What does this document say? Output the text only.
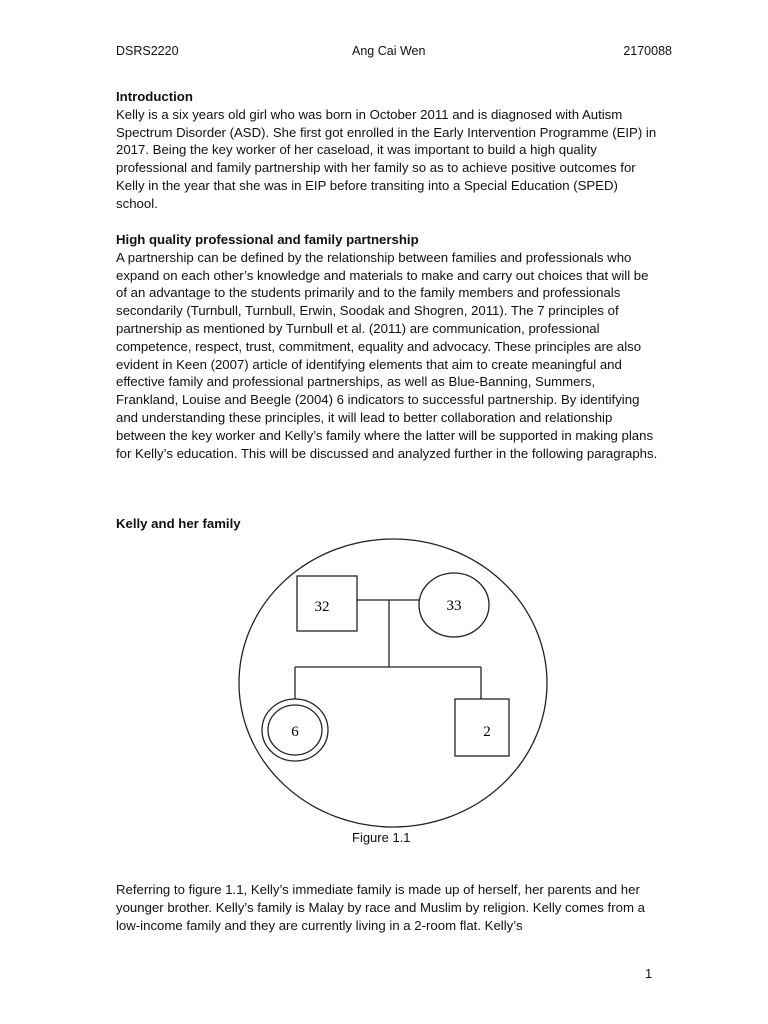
DSRS2220	Ang Cai Wen	2170088

Introduction

Kelly is a six years old girl who was born in October 2011 and is diagnosed with Autism Spectrum Disorder (ASD). She first got enrolled in the Early Intervention Programme (EIP) in 2017. Being the key worker of her caseload, it was important to build a high quality professional and family partnership with her family so as to achieve positive outcomes for Kelly in the year that she was in EIP before transiting into a Special Education (SPED) school.

High quality professional and family partnership

A partnership can be defined by the relationship between families and professionals who expand on each other’s knowledge and materials to make and carry out choices that will be of an advantage to the students primarily and to the family members and professionals secondarily (Turnbull, Turnbull, Erwin, Soodak and Shogren, 2011). The 7 principles of partnership as mentioned by Turnbull et al. (2011) are communication, professional competence, respect, trust, commitment, equality and advocacy. These principles are also evident in Keen (2007) article of identifying elements that aim to create meaningful and effective family and professional partnerships, as well as Blue-Banning, Summers, Frankland, Louise and Beegle (2004) 6 indicators to successful partnership. By identifying and understanding these principles, it will lead to better collaboration and relationship between the key worker and Kelly’s family where the latter will be supported in making plans for Kelly’s education. This will be discussed and analyzed further in the following paragraphs.

Kelly and her family

32	33
6	2
Figure 1.1

Referring to figure 1.1, Kelly’s immediate family is made up of herself, her parents and her younger brother. Kelly’s family is Malay by race and Muslim by religion. Kelly comes from a low-income family and they are currently living in a 2-room flat. Kelly’s

1
